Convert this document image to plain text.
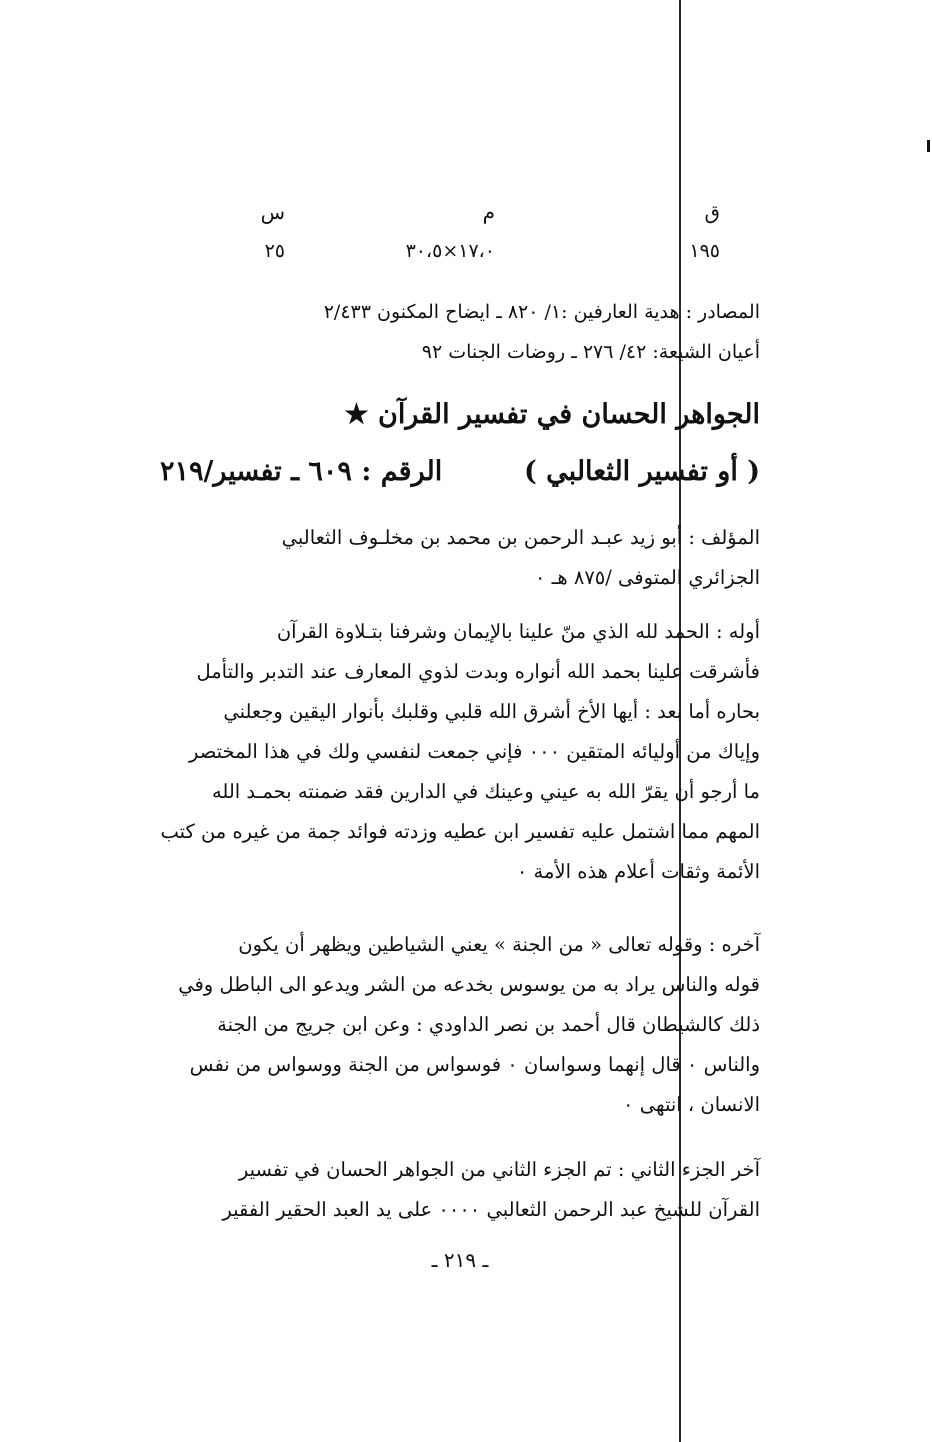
ق
م
س
١٩٥
١٧،٠×٣٠،٥
٢٥
المصادر : هدية العارفين :١/ ٨٢٠ ـ ايضاح المكنون ٢/٤٣٣
أعيان الشيعة: ٤٢/ ٢٧٦ ـ روضات الجنات ٩٢
الجواهر الحسان في تفسير القرآن ★
( أو تفسير الثعالبي )
الرقم : ٦٠٩ ـ تفسير/٢١٩
المؤلف : أبو زيد عبـد الرحمن بن محمد بن مخلـوف الثعالبي
الجزائري المتوفى /٨٧٥ هـ ٠
أوله : الحمد لله الذي منّ علينا بالإيمان وشرفنا بتـلاوة القرآن
فأشرقت علينا بحمد الله أنواره وبدت لذوي المعارف عند التدبر والتأمل
بحاره أما بعد : أيها الأخ أشرق الله قلبي وقلبك بأنوار اليقين وجعلني
وإياك من أوليائه المتقين ٠٠٠ فإني جمعت لنفسي ولك في هذا المختصر
ما أرجو أن يقرّ الله به عيني وعينك في الدارين فقد ضمنته بحمـد الله
المهم مما اشتمل عليه تفسير ابن عطيه وزدته فوائد جمة من غيره من كتب
الأئمة وثقات أعلام هذه الأمة ٠
آخره : وقوله تعالى « من الجنة » يعني الشياطين ويظهر أن يكون
قوله والناس يراد به من يوسوس بخدعه من الشر ويدعو الى الباطل وفي
ذلك كالشيطان قال أحمد بن نصر الداودي : وعن ابن جريج من الجنة
والناس ٠ قال إنهما وسواسان ٠ فوسواس من الجنة ووسواس من نفس
الانسان ، انتهى ٠
آخر الجزء الثاني : تم الجزء الثاني من الجواهر الحسان في تفسير
القرآن للشيخ عبد الرحمن الثعالبي ٠٠٠٠ على يد العبد الحقير الفقير
ـ ٢١٩ ـ
